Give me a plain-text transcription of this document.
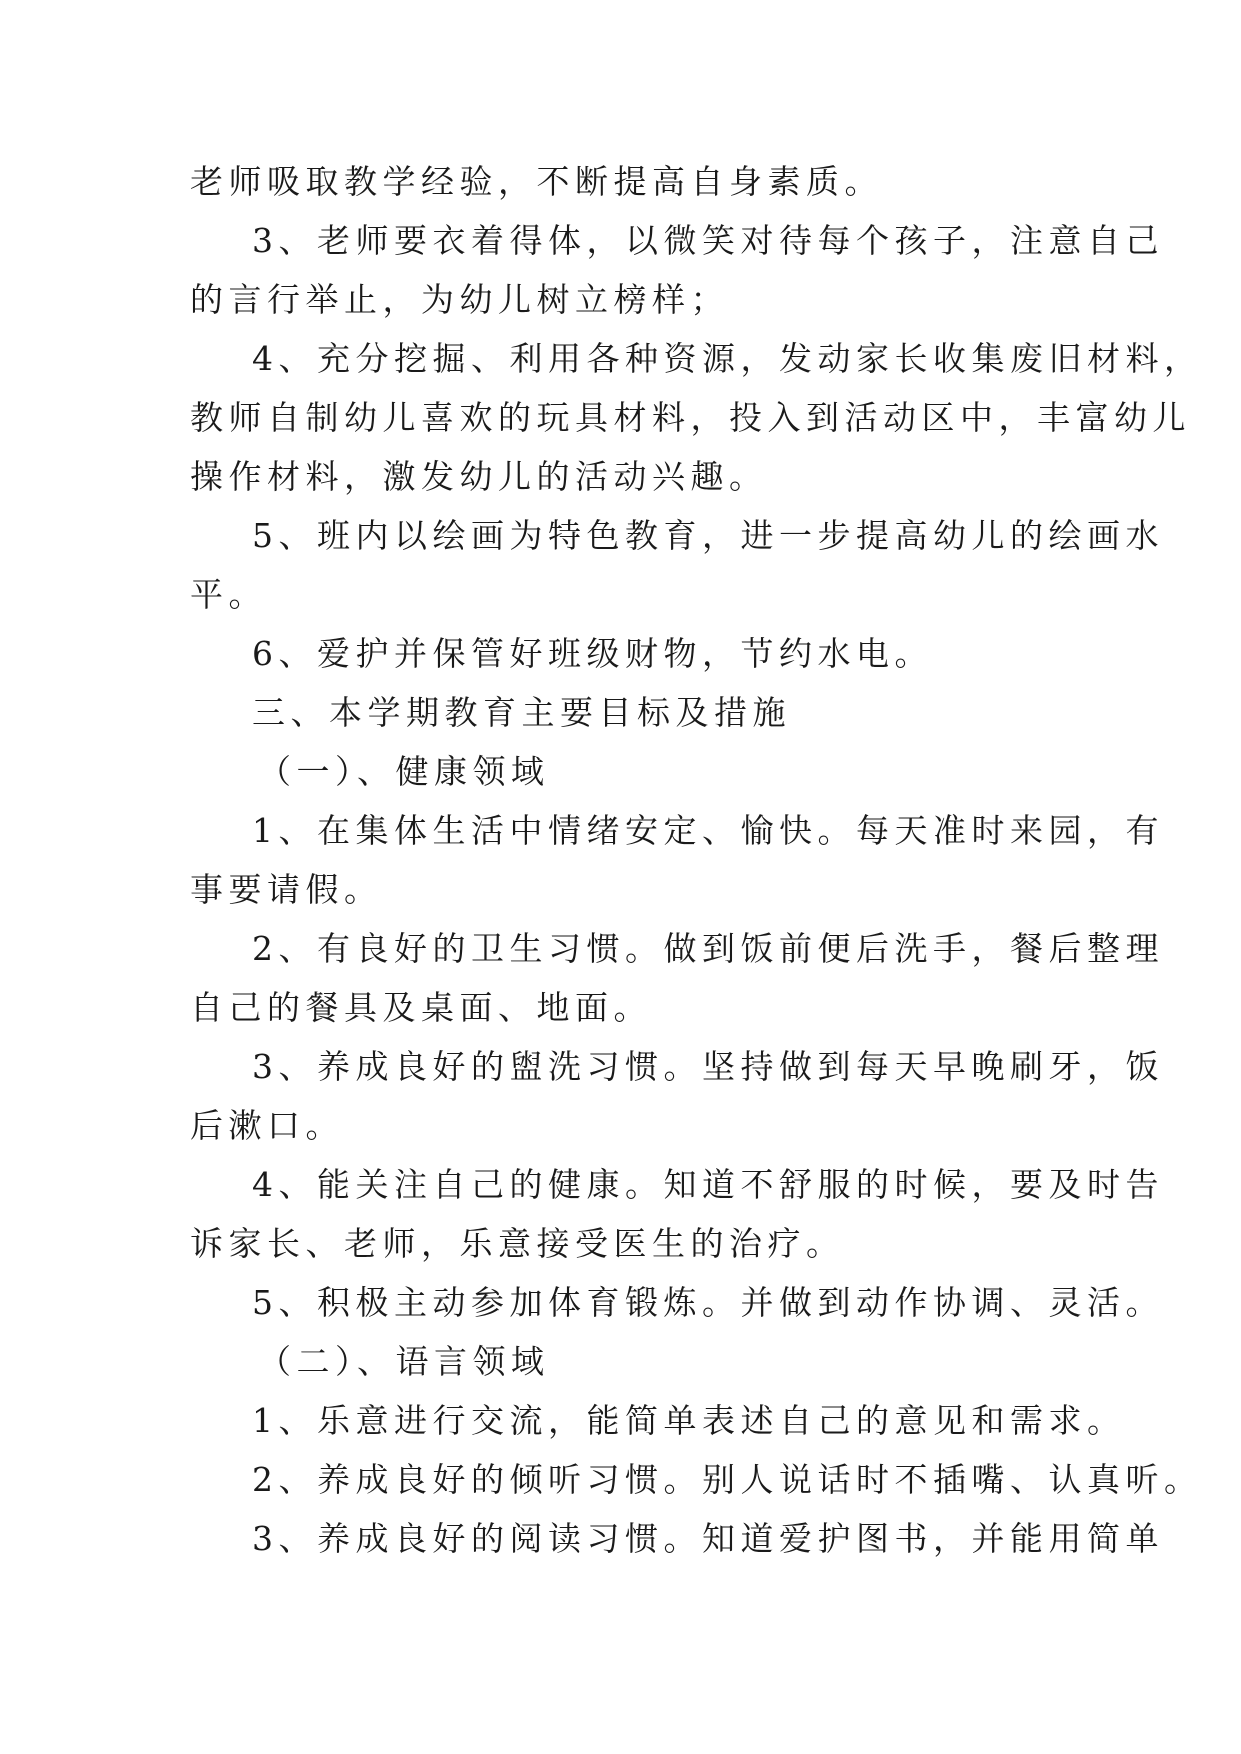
老师吸取教学经验，不断提高自身素质。
3、老师要衣着得体，以微笑对待每个孩子，注意自己
的言行举止，为幼儿树立榜样；
4、充分挖掘、利用各种资源，发动家长收集废旧材料，
教师自制幼儿喜欢的玩具材料，投入到活动区中，丰富幼儿
操作材料，激发幼儿的活动兴趣。
5、班内以绘画为特色教育，进一步提高幼儿的绘画水
平。
6、爱护并保管好班级财物，节约水电。
三、本学期教育主要目标及措施
（一）、健康领域
1、在集体生活中情绪安定、愉快。每天准时来园，有
事要请假。
2、有良好的卫生习惯。做到饭前便后洗手，餐后整理
自己的餐具及桌面、地面。
3、养成良好的盥洗习惯。坚持做到每天早晚刷牙，饭
后漱口。
4、能关注自己的健康。知道不舒服的时候，要及时告
诉家长、老师，乐意接受医生的治疗。
5、积极主动参加体育锻炼。并做到动作协调、灵活。
（二）、语言领域
1、乐意进行交流，能简单表述自己的意见和需求。
2、养成良好的倾听习惯。别人说话时不插嘴、认真听。
3、养成良好的阅读习惯。知道爱护图书，并能用简单
